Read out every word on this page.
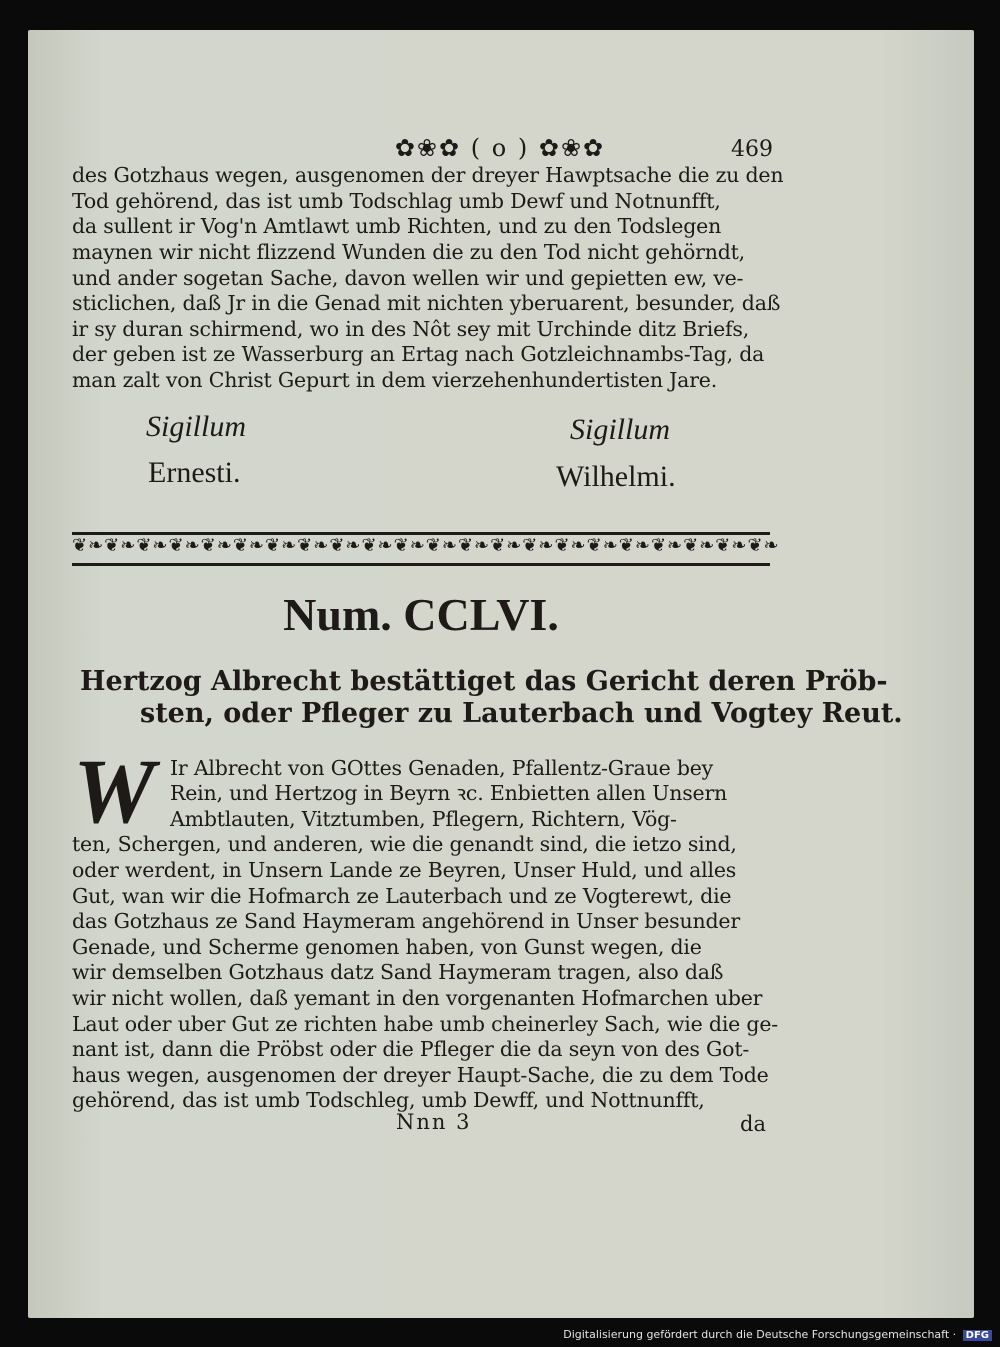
✿❀✿ ( o ) ✿❀✿	469
des Gotzhaus wegen, ausgenomen der dreyer Hawptsache die zu den
Tod gehörend, das ist umb Todschlag umb Dewf und Notnunfft,
da sullent ir Vog'n Amtlawt umb Richten, und zu den Todslegen
maynen wir nicht flizzend Wunden die zu den Tod nicht gehörndt,
und ander sogetan Sache, davon wellen wir und gepietten ew, ve-
sticlichen, daß Jr in die Genad mit nichten yberuarent, besunder, daß
ir sy duran schirmend, wo in des Nôt sey mit Urchinde ditz Briefs,
der geben ist ze Wasserburg an Ertag nach Gotzleichnambs-Tag, da
man zalt von Christ Gepurt in dem vierzehenhundertisten Jare.
Sigillum
Ernesti.
Sigillum
Wilhelmi.
❦❧❦❧❦❧❦❧❦❧❦❧❦❧❦❧❦❧❦❧❦❧❦❧❦❧❦❧❦❧❦❧❦❧❦❧❦❧❦❧❦❧❦❧
Num. CCLVI.
Hertzog Albrecht bestättiget das Gericht deren Pröb-
sten, oder Pfleger zu Lauterbach und Vogtey Reut.
W Ir Albrecht von GOttes Genaden, Pfallentz-Graue bey
Rein, und Hertzog in Beyrn ꝛc. Enbietten allen Unsern
Ambtlauten, Vitztumben, Pflegern, Richtern, Vög-
ten, Schergen, und anderen, wie die genandt sind, die ietzo sind,
oder werdent, in Unsern Lande ze Beyren, Unser Huld, und alles
Gut, wan wir die Hofmarch ze Lauterbach und ze Vogterewt, die
das Gotzhaus ze Sand Haymeram angehörend in Unser besunder
Genade, und Scherme genomen haben, von Gunst wegen, die
wir demselben Gotzhaus datz Sand Haymeram tragen, also daß
wir nicht wollen, daß yemant in den vorgenanten Hofmarchen uber
Laut oder uber Gut ze richten habe umb cheinerley Sach, wie die ge-
nant ist, dann die Pröbst oder die Pfleger die da seyn von des Got-
haus wegen, ausgenomen der dreyer Haupt-Sache, die zu dem Tode
gehörend, das ist umb Todschleg, umb Dewff, und Nottnunfft,
Nnn 3	da
Digitalisierung gefördert durch die Deutsche Forschungsgemeinschaft · DFG
